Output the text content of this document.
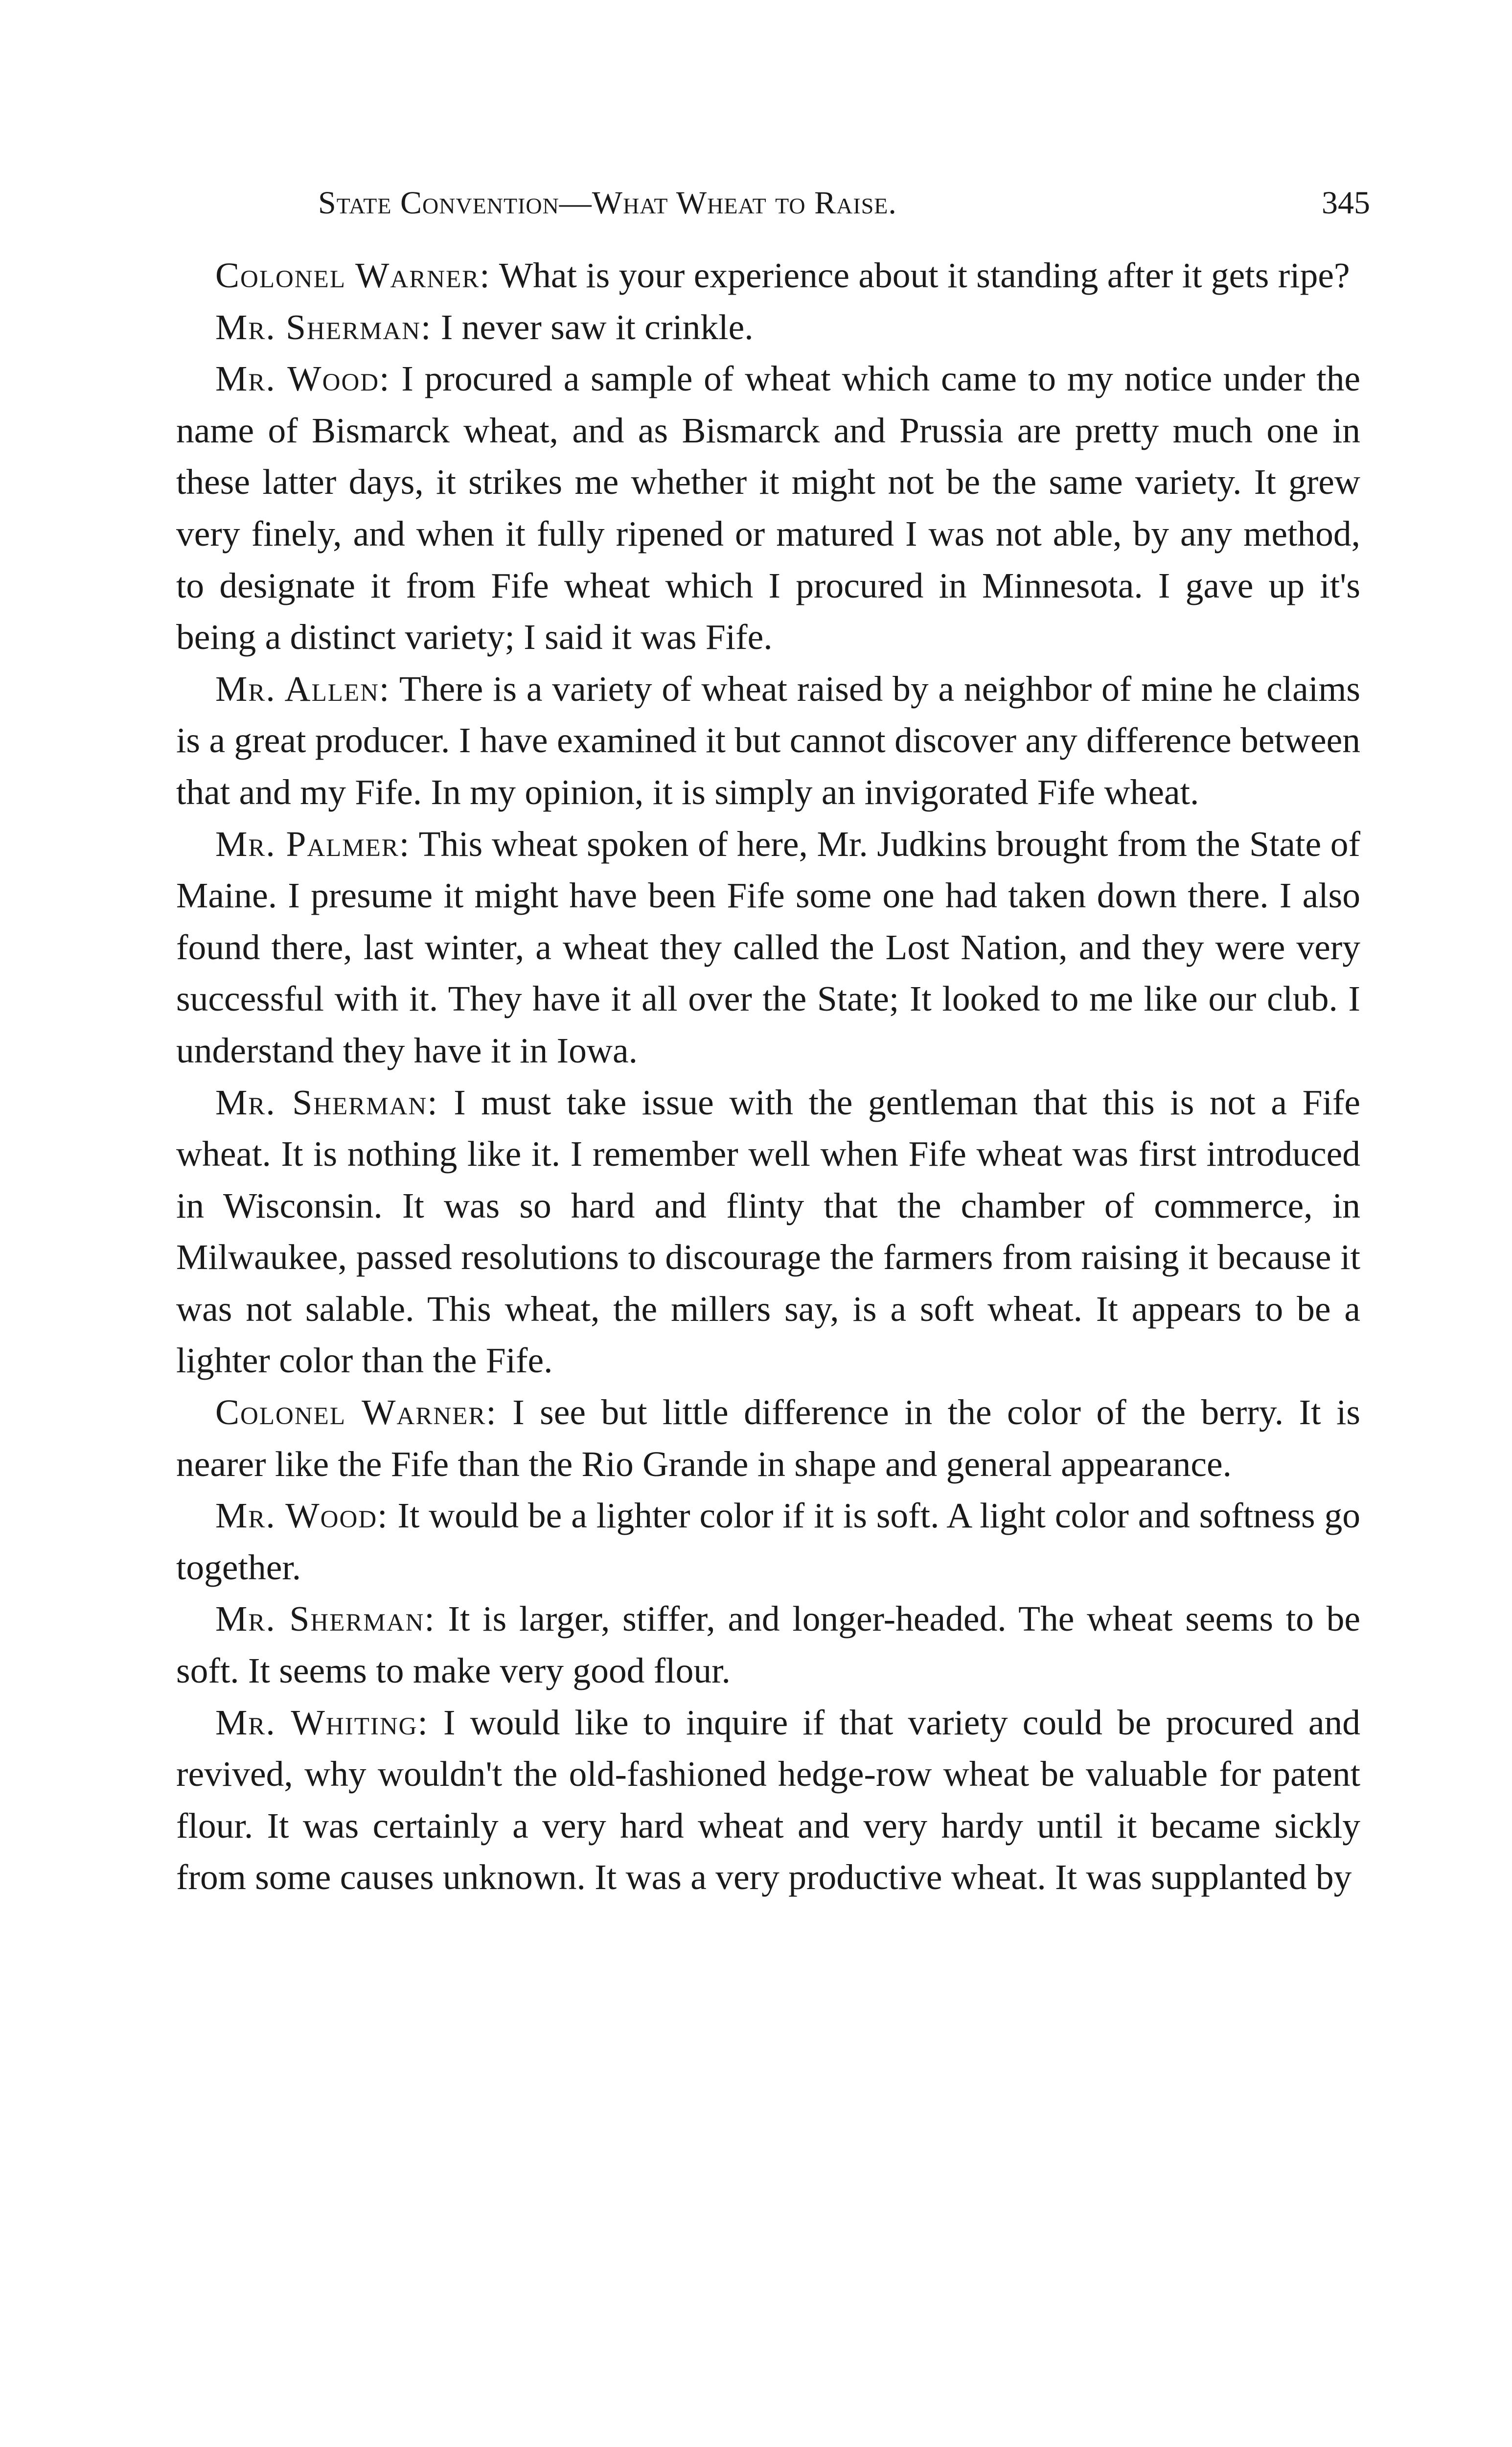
State Convention—What Wheat to Raise.	345

Colonel Warner: What is your experience about it standing after it gets ripe?

Mr. Sherman: I never saw it crinkle.

Mr. Wood: I procured a sample of wheat which came to my notice under the name of Bismarck wheat, and as Bismarck and Prussia are pretty much one in these latter days, it strikes me whether it might not be the same variety. It grew very finely, and when it fully ripened or matured I was not able, by any method, to designate it from Fife wheat which I procured in Minnesota. I gave up it's being a distinct variety; I said it was Fife.

Mr. Allen: There is a variety of wheat raised by a neighbor of mine he claims is a great producer. I have examined it but cannot discover any difference between that and my Fife. In my opinion, it is simply an invigorated Fife wheat.

Mr. Palmer: This wheat spoken of here, Mr. Judkins brought from the State of Maine. I presume it might have been Fife some one had taken down there. I also found there, last winter, a wheat they called the Lost Nation, and they were very successful with it. They have it all over the State; It looked to me like our club. I understand they have it in Iowa.

Mr. Sherman: I must take issue with the gentleman that this is not a Fife wheat. It is nothing like it. I remember well when Fife wheat was first introduced in Wisconsin. It was so hard and flinty that the chamber of commerce, in Milwaukee, passed resolutions to discourage the farmers from raising it because it was not salable. This wheat, the millers say, is a soft wheat. It appears to be a lighter color than the Fife.

Colonel Warner: I see but little difference in the color of the berry. It is nearer like the Fife than the Rio Grande in shape and general appearance.

Mr. Wood: It would be a lighter color if it is soft. A light color and softness go together.

Mr. Sherman: It is larger, stiffer, and longer-headed. The wheat seems to be soft. It seems to make very good flour.

Mr. Whiting: I would like to inquire if that variety could be procured and revived, why wouldn't the old-fashioned hedge-row wheat be valuable for patent flour. It was certainly a very hard wheat and very hardy until it became sickly from some causes unknown. It was a very productive wheat. It was supplanted by
